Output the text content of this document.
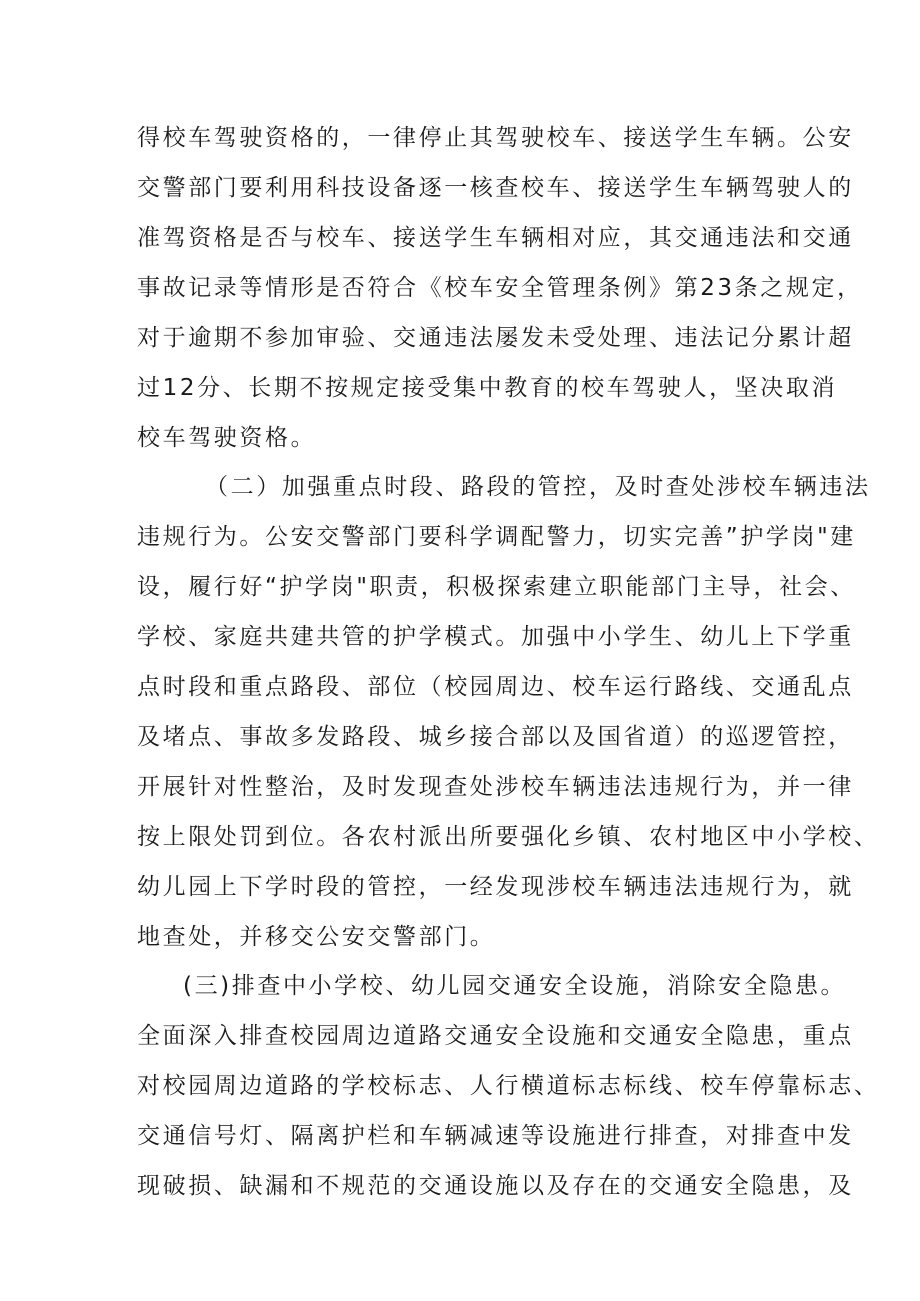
得校车驾驶资格的，一律停止其驾驶校车、接送学生车辆。公安
交警部门要利用科技设备逐一核查校车、接送学生车辆驾驶人的
准驾资格是否与校车、接送学生车辆相对应，其交通违法和交通
事故记录等情形是否符合《校车安全管理条例》第23条之规定，
对于逾期不参加审验、交通违法屡发未受处理、违法记分累计超
过12分、长期不按规定接受集中教育的校车驾驶人，坚决取消
校车驾驶资格。
（二）加强重点时段、路段的管控，及时查处涉校车辆违法
违规行为。公安交警部门要科学调配警力，切实完善”护学岗"建
设，履行好“护学岗"职责，积极探索建立职能部门主导，社会、
学校、家庭共建共管的护学模式。加强中小学生、幼儿上下学重
点时段和重点路段、部位（校园周边、校车运行路线、交通乱点
及堵点、事故多发路段、城乡接合部以及国省道）的巡逻管控，
开展针对性整治，及时发现查处涉校车辆违法违规行为，并一律
按上限处罚到位。各农村派出所要强化乡镇、农村地区中小学校、
幼儿园上下学时段的管控，一经发现涉校车辆违法违规行为，就
地查处，并移交公安交警部门。
(三)排查中小学校、幼儿园交通安全设施，消除安全隐患。
全面深入排查校园周边道路交通安全设施和交通安全隐患，重点
对校园周边道路的学校标志、人行横道标志标线、校车停靠标志、
交通信号灯、隔离护栏和车辆减速等设施进行排查，对排查中发
现破损、缺漏和不规范的交通设施以及存在的交通安全隐患，及
